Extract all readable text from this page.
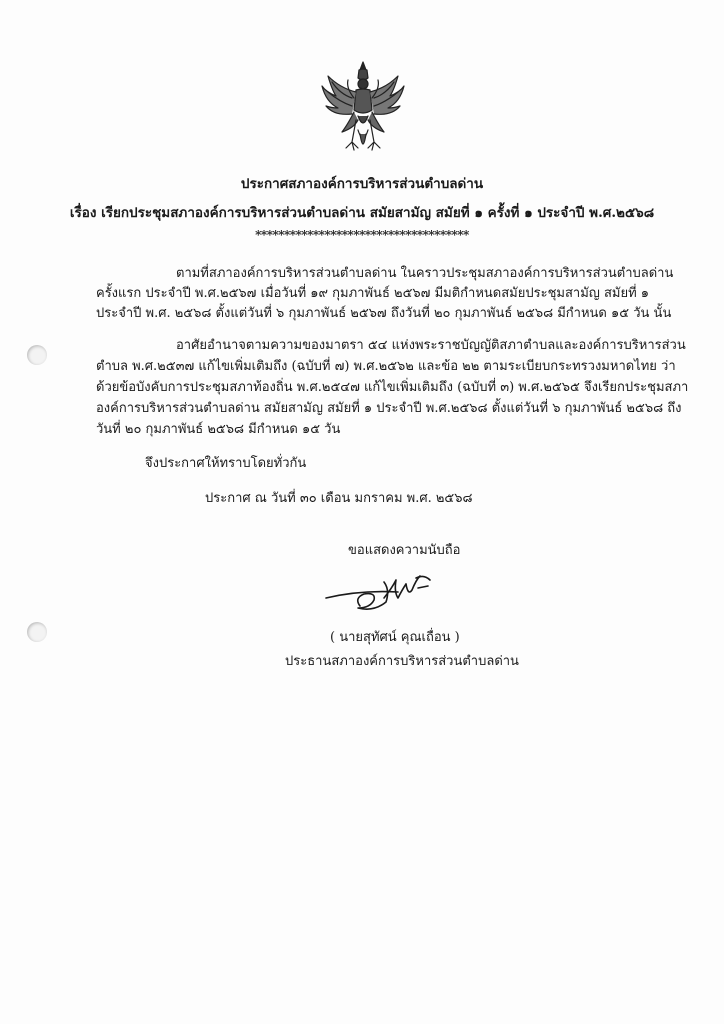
ประกาศสภาองค์การบริหารส่วนตำบลด่าน
เรื่อง เรียกประชุมสภาองค์การบริหารส่วนตำบลด่าน สมัยสามัญ สมัยที่ ๑ ครั้งที่ ๑ ประจำปี พ.ศ.๒๕๖๘
*************************************
ตามที่สภาองค์การบริหารส่วนตำบลด่าน ในคราวประชุมสภาองค์การบริหารส่วนตำบลด่าน
ครั้งแรก ประจำปี พ.ศ.๒๕๖๗ เมื่อวันที่ ๑๙ กุมภาพันธ์ ๒๕๖๗ มีมติกำหนดสมัยประชุมสามัญ สมัยที่ ๑
ประจำปี พ.ศ. ๒๕๖๘ ตั้งแต่วันที่ ๖ กุมภาพันธ์ ๒๕๖๗ ถึงวันที่ ๒๐ กุมภาพันธ์ ๒๕๖๘ มีกำหนด ๑๕ วัน นั้น
อาศัยอำนาจตามความของมาตรา ๕๔ แห่งพระราชบัญญัติสภาตำบลและองค์การบริหารส่วน
ตำบล พ.ศ.๒๕๓๗ แก้ไขเพิ่มเติมถึง (ฉบับที่ ๗) พ.ศ.๒๕๖๒ และข้อ ๒๒ ตามระเบียบกระทรวงมหาดไทย ว่า
ด้วยข้อบังคับการประชุมสภาท้องถิ่น พ.ศ.๒๕๔๗ แก้ไขเพิ่มเติมถึง (ฉบับที่ ๓) พ.ศ.๒๕๖๕ จึงเรียกประชุมสภา
องค์การบริหารส่วนตำบลด่าน สมัยสามัญ สมัยที่ ๑ ประจำปี พ.ศ.๒๕๖๘ ตั้งแต่วันที่ ๖ กุมภาพันธ์ ๒๕๖๘ ถึง
วันที่ ๒๐ กุมภาพันธ์ ๒๕๖๘ มีกำหนด ๑๕ วัน
จึงประกาศให้ทราบโดยทั่วกัน
ประกาศ ณ วันที่ ๓๐ เดือน มกราคม พ.ศ. ๒๕๖๘
ขอแสดงความนับถือ
( นายสุทัศน์ คุณเถื่อน )
ประธานสภาองค์การบริหารส่วนตำบลด่าน
